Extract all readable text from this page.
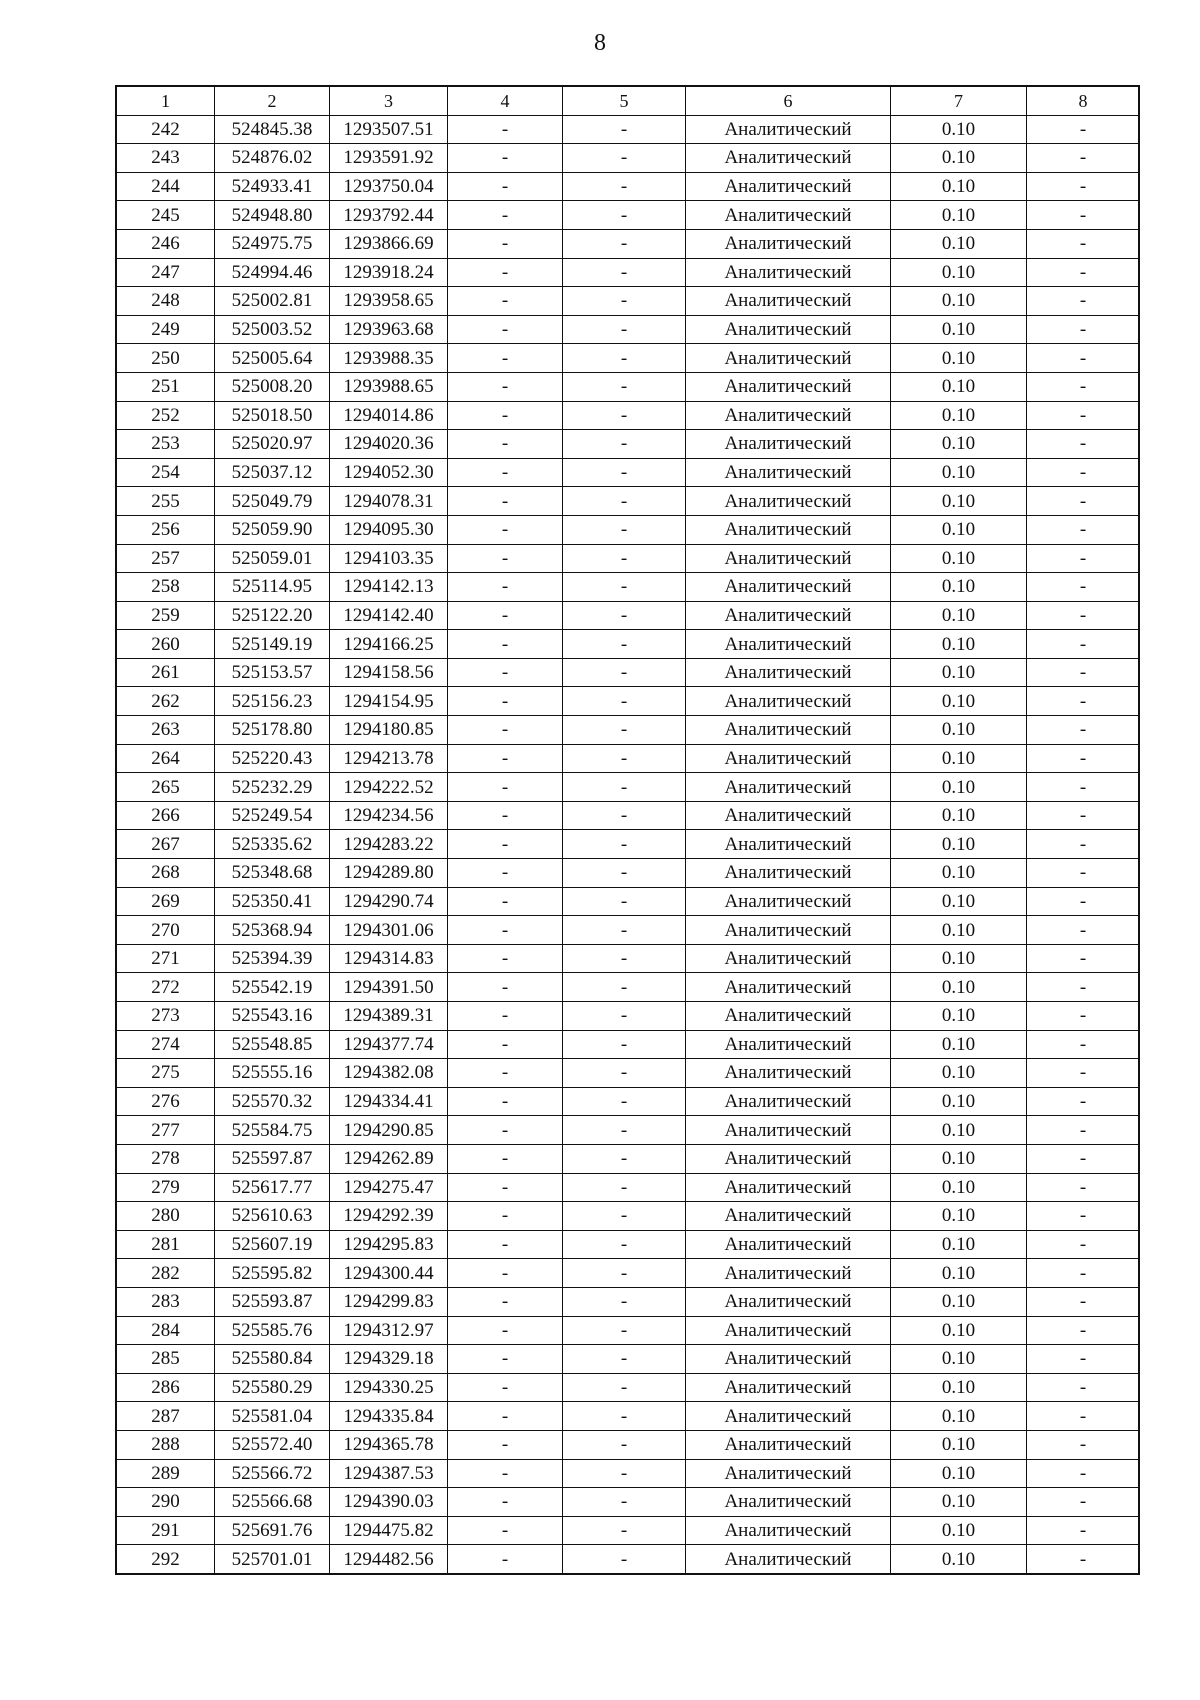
8
1	2	3	4	5	6	7	8
242	524845.38	1293507.51	-	-	Аналитический	0.10	-
243	524876.02	1293591.92	-	-	Аналитический	0.10	-
244	524933.41	1293750.04	-	-	Аналитический	0.10	-
245	524948.80	1293792.44	-	-	Аналитический	0.10	-
246	524975.75	1293866.69	-	-	Аналитический	0.10	-
247	524994.46	1293918.24	-	-	Аналитический	0.10	-
248	525002.81	1293958.65	-	-	Аналитический	0.10	-
249	525003.52	1293963.68	-	-	Аналитический	0.10	-
250	525005.64	1293988.35	-	-	Аналитический	0.10	-
251	525008.20	1293988.65	-	-	Аналитический	0.10	-
252	525018.50	1294014.86	-	-	Аналитический	0.10	-
253	525020.97	1294020.36	-	-	Аналитический	0.10	-
254	525037.12	1294052.30	-	-	Аналитический	0.10	-
255	525049.79	1294078.31	-	-	Аналитический	0.10	-
256	525059.90	1294095.30	-	-	Аналитический	0.10	-
257	525059.01	1294103.35	-	-	Аналитический	0.10	-
258	525114.95	1294142.13	-	-	Аналитический	0.10	-
259	525122.20	1294142.40	-	-	Аналитический	0.10	-
260	525149.19	1294166.25	-	-	Аналитический	0.10	-
261	525153.57	1294158.56	-	-	Аналитический	0.10	-
262	525156.23	1294154.95	-	-	Аналитический	0.10	-
263	525178.80	1294180.85	-	-	Аналитический	0.10	-
264	525220.43	1294213.78	-	-	Аналитический	0.10	-
265	525232.29	1294222.52	-	-	Аналитический	0.10	-
266	525249.54	1294234.56	-	-	Аналитический	0.10	-
267	525335.62	1294283.22	-	-	Аналитический	0.10	-
268	525348.68	1294289.80	-	-	Аналитический	0.10	-
269	525350.41	1294290.74	-	-	Аналитический	0.10	-
270	525368.94	1294301.06	-	-	Аналитический	0.10	-
271	525394.39	1294314.83	-	-	Аналитический	0.10	-
272	525542.19	1294391.50	-	-	Аналитический	0.10	-
273	525543.16	1294389.31	-	-	Аналитический	0.10	-
274	525548.85	1294377.74	-	-	Аналитический	0.10	-
275	525555.16	1294382.08	-	-	Аналитический	0.10	-
276	525570.32	1294334.41	-	-	Аналитический	0.10	-
277	525584.75	1294290.85	-	-	Аналитический	0.10	-
278	525597.87	1294262.89	-	-	Аналитический	0.10	-
279	525617.77	1294275.47	-	-	Аналитический	0.10	-
280	525610.63	1294292.39	-	-	Аналитический	0.10	-
281	525607.19	1294295.83	-	-	Аналитический	0.10	-
282	525595.82	1294300.44	-	-	Аналитический	0.10	-
283	525593.87	1294299.83	-	-	Аналитический	0.10	-
284	525585.76	1294312.97	-	-	Аналитический	0.10	-
285	525580.84	1294329.18	-	-	Аналитический	0.10	-
286	525580.29	1294330.25	-	-	Аналитический	0.10	-
287	525581.04	1294335.84	-	-	Аналитический	0.10	-
288	525572.40	1294365.78	-	-	Аналитический	0.10	-
289	525566.72	1294387.53	-	-	Аналитический	0.10	-
290	525566.68	1294390.03	-	-	Аналитический	0.10	-
291	525691.76	1294475.82	-	-	Аналитический	0.10	-
292	525701.01	1294482.56	-	-	Аналитический	0.10	-
